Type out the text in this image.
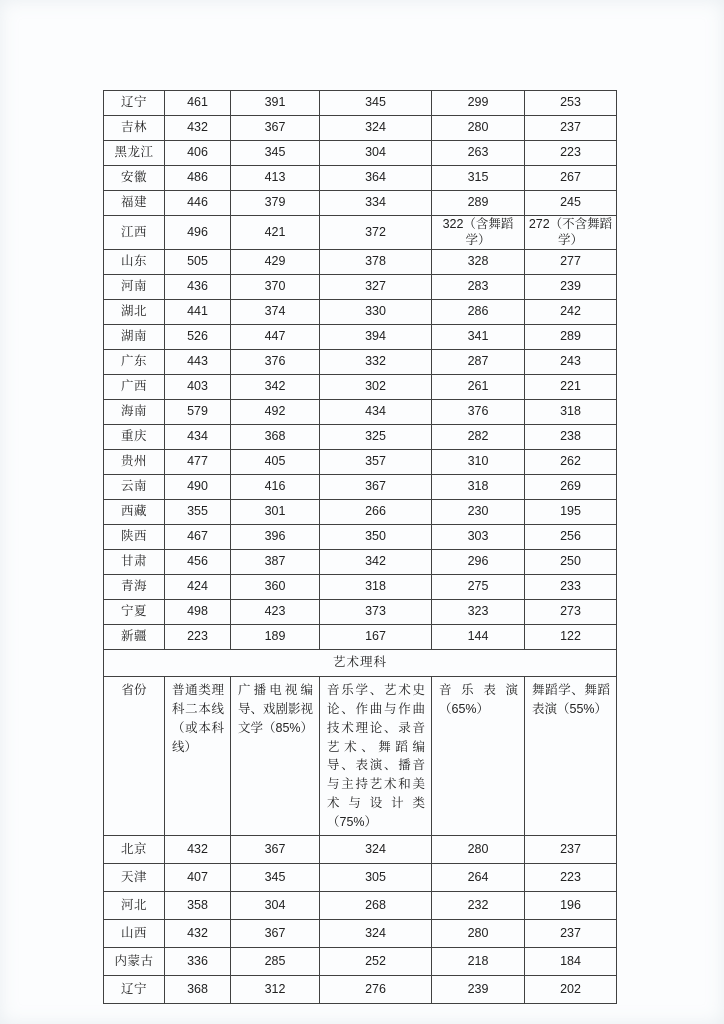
辽宁	461	391	345	299	253
吉林	432	367	324	280	237
黑龙江	406	345	304	263	223
安徽	486	413	364	315	267
福建	446	379	334	289	245
江西	496	421	372	322（含舞蹈学）	272（不含舞蹈学）
山东	505	429	378	328	277
河南	436	370	327	283	239
湖北	441	374	330	286	242
湖南	526	447	394	341	289
广东	443	376	332	287	243
广西	403	342	302	261	221
海南	579	492	434	376	318
重庆	434	368	325	282	238
贵州	477	405	357	310	262
云南	490	416	367	318	269
西藏	355	301	266	230	195
陕西	467	396	350	303	256
甘肃	456	387	342	296	250
青海	424	360	318	275	233
宁夏	498	423	373	323	273
新疆	223	189	167	144	122
艺术理科					
省份	普通类理科二本线（或本科线）	广播电视编导、戏剧影视文学（85%）	音乐学、艺术史论、作曲与作曲技术理论、录音艺术、舞蹈编导、表演、播音与主持艺术和美术与设计类（75%）	音乐表演（65%）	舞蹈学、舞蹈表演（55%）
北京	432	367	324	280	237
天津	407	345	305	264	223
河北	358	304	268	232	196
山西	432	367	324	280	237
内蒙古	336	285	252	218	184
辽宁	368	312	276	239	202
